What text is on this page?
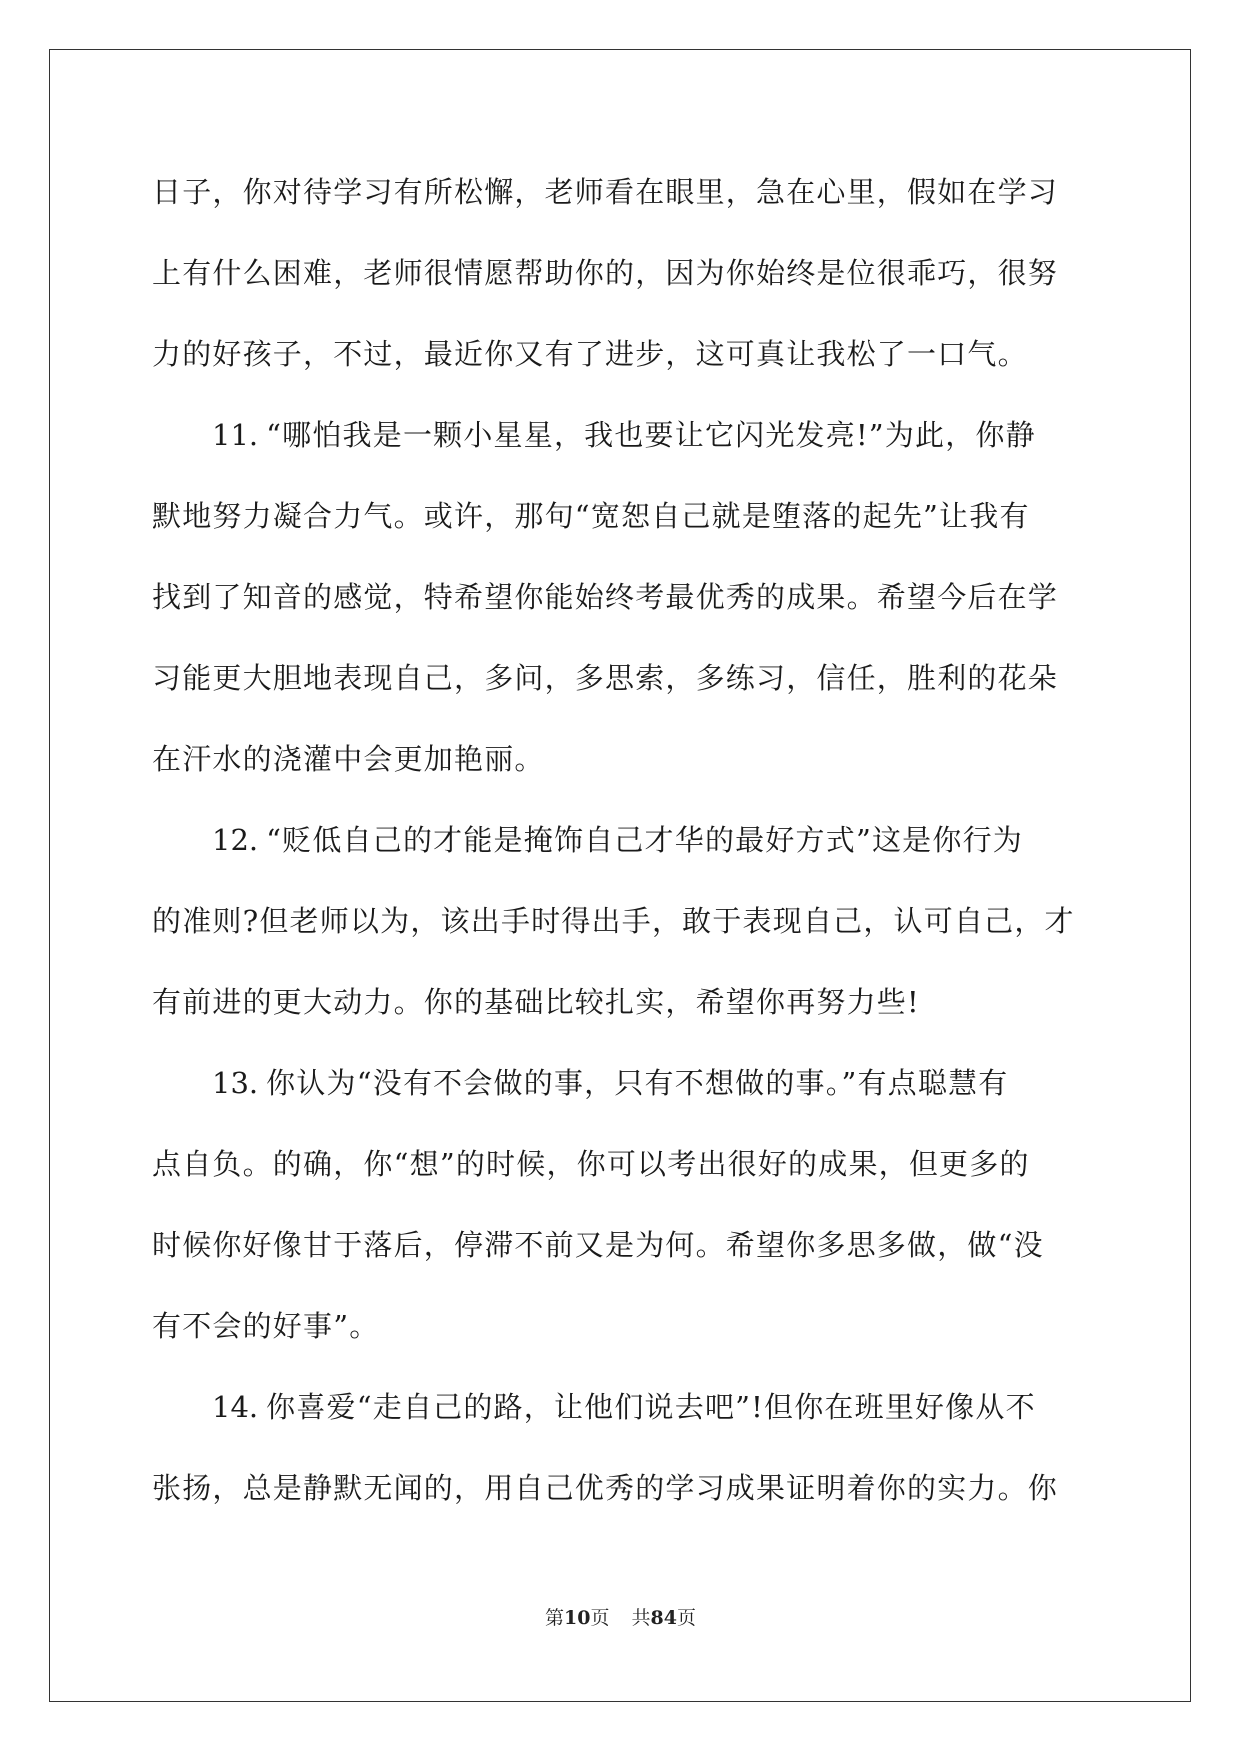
日子，你对待学习有所松懈，老师看在眼里，急在心里，假如在学习
上有什么困难，老师很情愿帮助你的，因为你始终是位很乖巧，很努
力的好孩子，不过，最近你又有了进步，这可真让我松了一口气。
11. “哪怕我是一颗小星星，我也要让它闪光发亮!”为此，你静
默地努力凝合力气。或许，那句“宽恕自己就是堕落的起先”让我有
找到了知音的感觉，特希望你能始终考最优秀的成果。希望今后在学
习能更大胆地表现自己，多问，多思索，多练习，信任，胜利的花朵
在汗水的浇灌中会更加艳丽。
12. “贬低自己的才能是掩饰自己才华的最好方式”这是你行为
的准则?但老师以为，该出手时得出手，敢于表现自己，认可自己，才
有前进的更大动力。你的基础比较扎实，希望你再努力些!
13. 你认为“没有不会做的事，只有不想做的事。”有点聪慧有
点自负。的确，你“想”的时候，你可以考出很好的成果，但更多的
时候你好像甘于落后，停滞不前又是为何。希望你多思多做，做“没
有不会的好事”。
14. 你喜爱“走自己的路，让他们说去吧”!但你在班里好像从不
张扬，总是静默无闻的，用自己优秀的学习成果证明着你的实力。你
第10页 共84页
